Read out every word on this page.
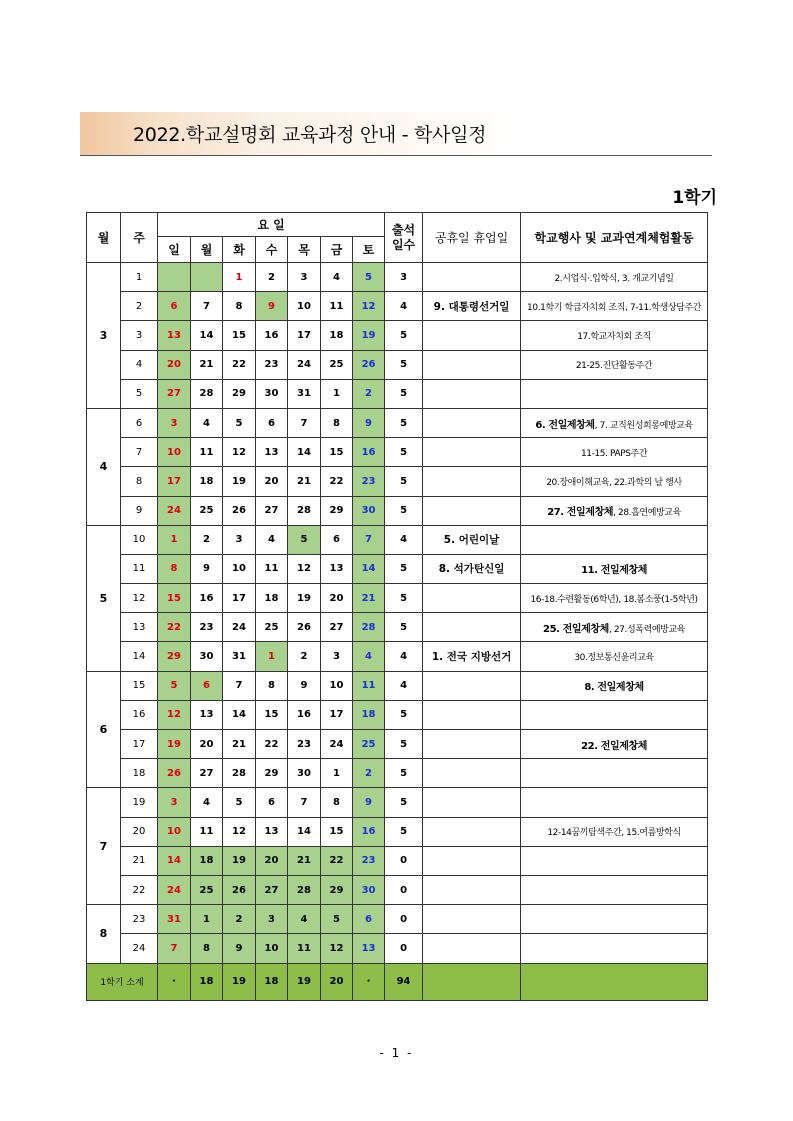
2022.학교설명회 교육과정 안내 - 학사일정
1학기
월	주	요 일							출석 일수	공휴일 휴업일	학교행사 및 교과연계체험활동
		일	월	화	수	목	금	토			
3	1			1	2	3	4	5	3		2.시업식·.입학식, 3. 개교기념일
	2	6	7	8	9	10	11	12	4	9. 대통령선거일	10.1학기 학급자치회 조직, 7-11.학생상담주간
	3	13	14	15	16	17	18	19	5		17.학교자치회 조직
	4	20	21	22	23	24	25	26	5		21-25.진단활동주간
	5	27	28	29	30	31	1	2	5		
4	6	3	4	5	6	7	8	9	5		6. 전일제창체, 7. 교직원성희롱예방교육
	7	10	11	12	13	14	15	16	5		11-15. PAPS주간
	8	17	18	19	20	21	22	23	5		20.장애이해교육, 22.과학의 날 행사
	9	24	25	26	27	28	29	30	5		27. 전일제창체, 28.흡연예방교육
5	10	1	2	3	4	5	6	7	4	5. 어린이날	
	11	8	9	10	11	12	13	14	5	8. 석가탄신일	11. 전일제창체
	12	15	16	17	18	19	20	21	5		16-18.수련활동(6학년), 18.봄소풍(1-5학년)
	13	22	23	24	25	26	27	28	5		25. 전일제창체, 27.성폭력예방교육
	14	29	30	31	1	2	3	4	4	1. 전국 지방선거	30.정보통신윤리교육
6	15	5	6	7	8	9	10	11	4		8. 전일제창체
	16	12	13	14	15	16	17	18	5		
	17	19	20	21	22	23	24	25	5		22. 전일제창체
	18	26	27	28	29	30	1	2	5		
7	19	3	4	5	6	7	8	9	5		
	20	10	11	12	13	14	15	16	5		12-14꿈끼탐색주간, 15.여름방학식
	21	14	18	19	20	21	22	23	0		
	22	24	25	26	27	28	29	30	0		
8	23	31	1	2	3	4	5	6	0		
	24	7	8	9	10	11	12	13	0		
1학기 소계		·	18	19	18	19	20	·	94		
- 1 -
